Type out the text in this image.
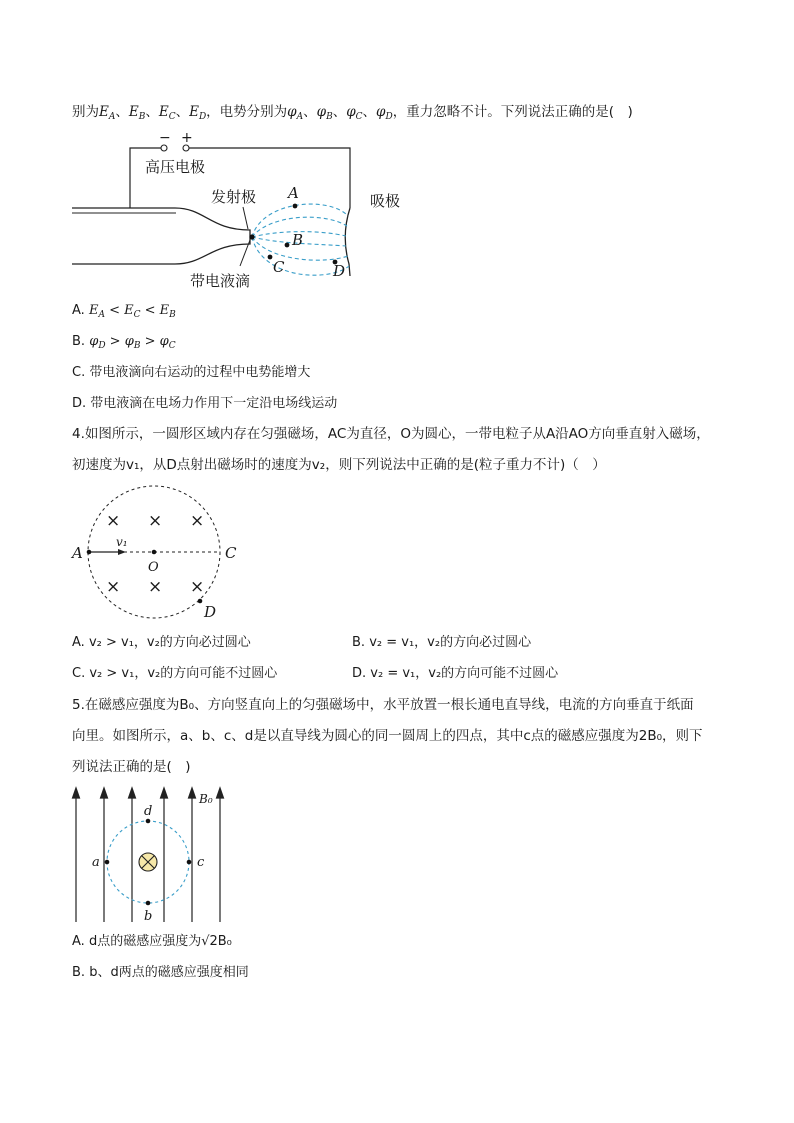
别为$E_A$、$E_B$、$E_C$、$E_D$，电势分别为$\varphi_A$、$\varphi_B$、$\varphi_C$、$\varphi_D$，重力忽略不计。下列说法正确的是(　)
− +
高压电极
发射极	吸极
带电液滴
A
B
C	D
A. $E_A < E_C < E_B$
B. $\varphi_D > \varphi_B > \varphi_C$
C. 带电液滴向右运动的过程中电势能增大
D. 带电液滴在电场力作用下一定沿电场线运动
4.如图所示，一圆形区域内存在匀强磁场，AC为直径，O为圆心，一带电粒子从A沿AO方向垂直射入磁场，
初速度为v₁，从D点射出磁场时的速度为v₂，则下列说法中正确的是(粒子重力不计)（　）
v₁
A
O
C
D
× × ×
× × ×
A. v₂ > v₁，v₂的方向必过圆心	B. v₂ = v₁，v₂的方向必过圆心
C. v₂ > v₁，v₂的方向可能不过圆心	D. v₂ = v₁，v₂的方向可能不过圆心
5.在磁感应强度为B₀、方向竖直向上的匀强磁场中，水平放置一根长通电直导线，电流的方向垂直于纸面
向里。如图所示，a、b、c、d是以直导线为圆心的同一圆周上的四点，其中c点的磁感应强度为2B₀，则下
列说法正确的是(　)
B₀
d
b
a	c
A. d点的磁感应强度为√2B₀
B. b、d两点的磁感应强度相同
